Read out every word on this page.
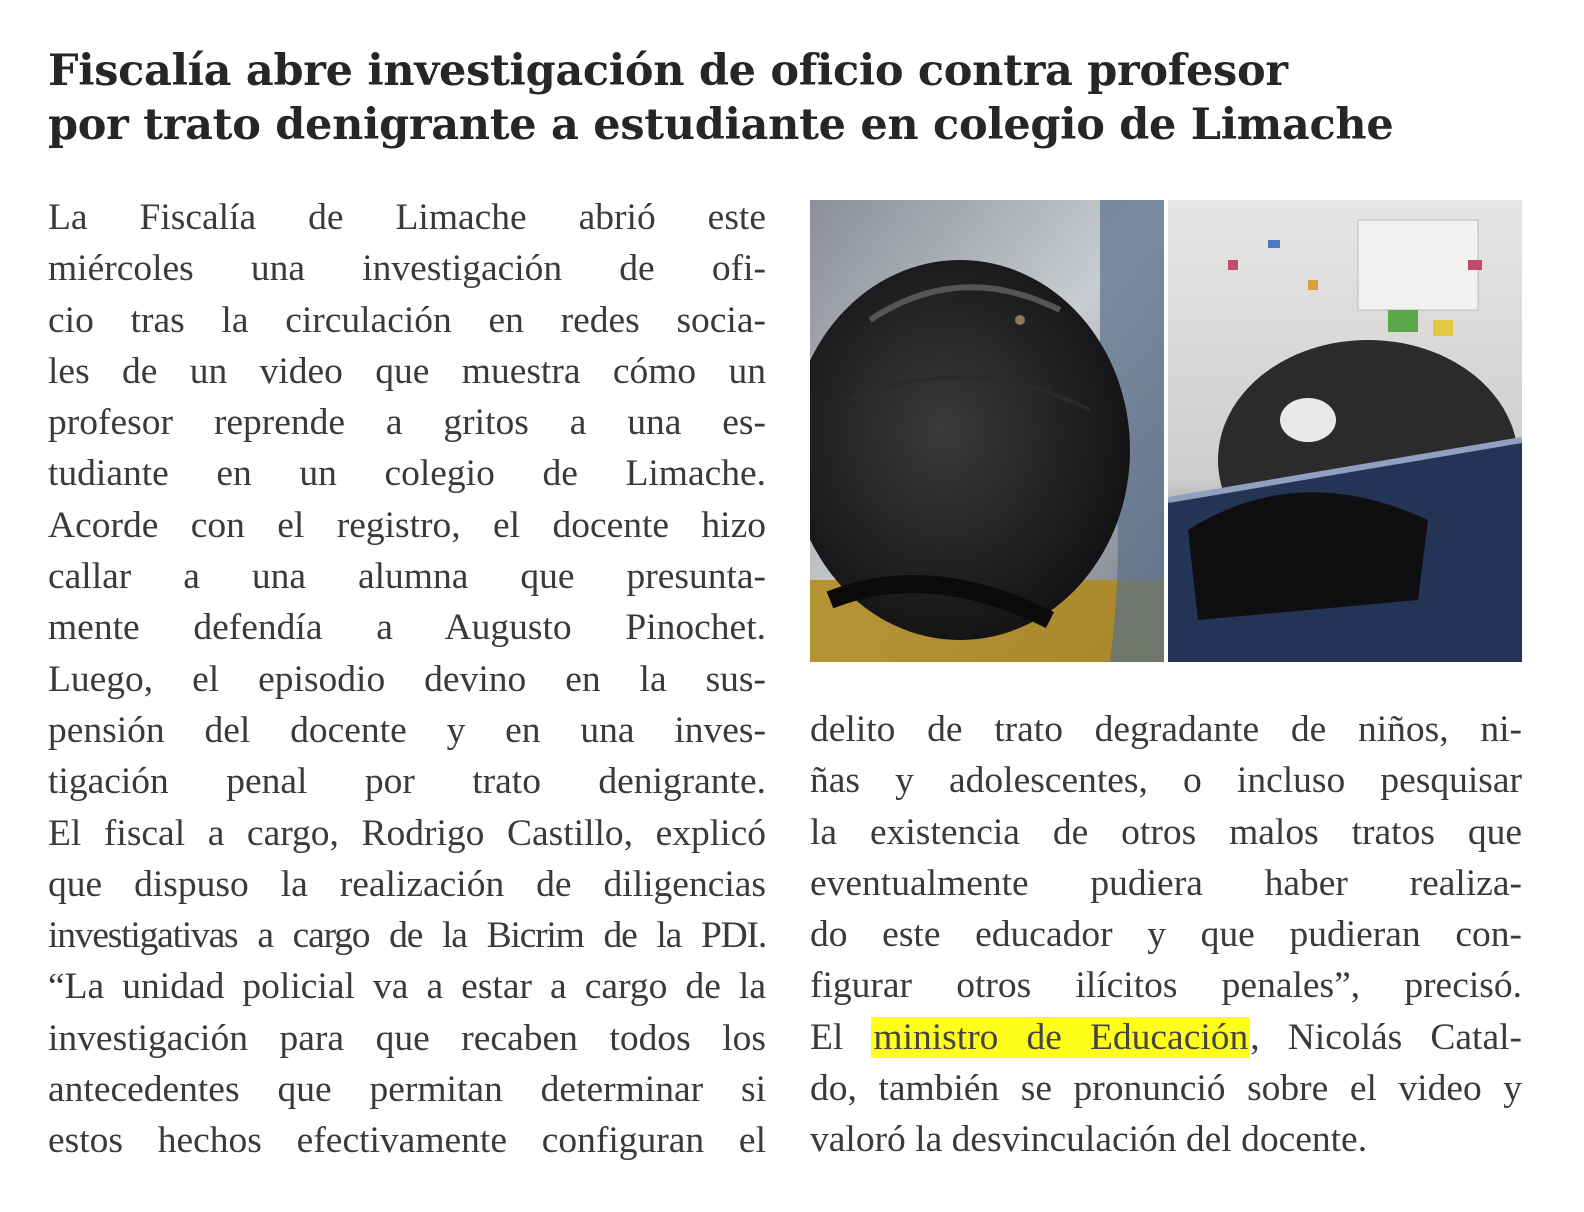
Fiscalía abre investigación de oficio contra profesor
por trato denigrante a estudiante en colegio de Limache
La Fiscalía de Limache abrió este
miércoles una investigación de ofi-
cio tras la circulación en redes socia-
les de un video que muestra cómo un
profesor reprende a gritos a una es-
tudiante en un colegio de Limache.
Acorde con el registro, el docente hizo
callar a una alumna que presunta-
mente defendía a Augusto Pinochet.
Luego, el episodio devino en la sus-
pensión del docente y en una inves-
tigación penal por trato denigrante.
El fiscal a cargo, Rodrigo Castillo, explicó
que dispuso la realización de diligencias
investigativas a cargo de la Bicrim de la PDI.
“La unidad policial va a estar a cargo de la
investigación para que recaben todos los
antecedentes que permitan determinar si
estos hechos efectivamente configuran el
delito de trato degradante de niños, ni-
ñas y adolescentes, o incluso pesquisar
la existencia de otros malos tratos que
eventualmente pudiera haber realiza-
do este educador y que pudieran con-
figurar otros ilícitos penales”, precisó.
El ministro de Educación, Nicolás Catal-
do, también se pronunció sobre el video y
valoró la desvinculación del docente.
